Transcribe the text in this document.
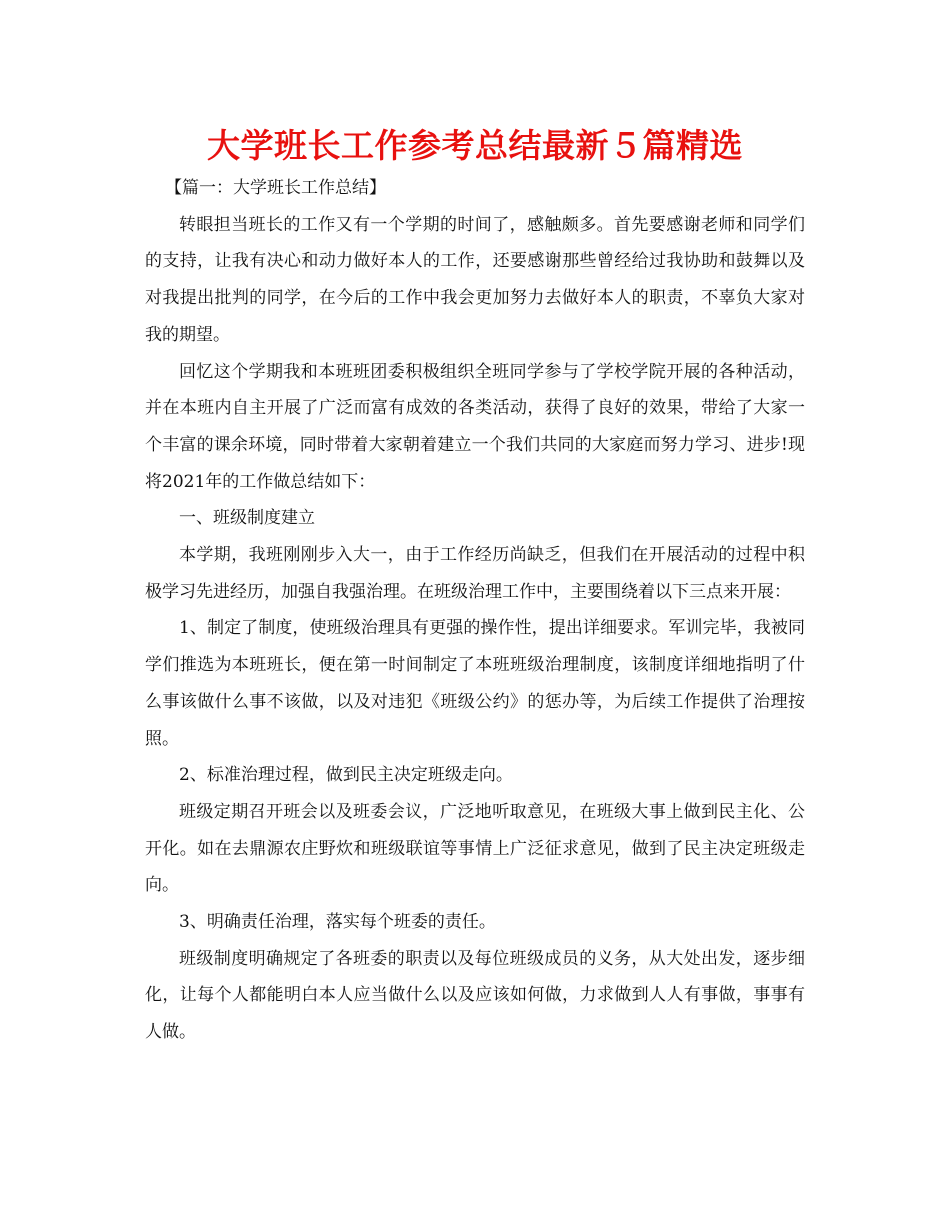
大学班长工作参考总结最新５篇精选

【篇一：大学班长工作总结】

转眼担当班长的工作又有一个学期的时间了，感触颇多。首先要感谢老师和同学们的支持，让我有决心和动力做好本人的工作，还要感谢那些曾经给过我协助和鼓舞以及对我提出批判的同学，在今后的工作中我会更加努力去做好本人的职责，不辜负大家对我的期望。

回忆这个学期我和本班班团委积极组织全班同学参与了学校学院开展的各种活动，并在本班内自主开展了广泛而富有成效的各类活动，获得了良好的效果，带给了大家一个丰富的课余环境，同时带着大家朝着建立一个我们共同的大家庭而努力学习、进步!现将2021年的工作做总结如下：

一、班级制度建立

本学期，我班刚刚步入大一，由于工作经历尚缺乏，但我们在开展活动的过程中积极学习先进经历，加强自我强治理。在班级治理工作中，主要围绕着以下三点来开展：

1、制定了制度，使班级治理具有更强的操作性，提出详细要求。军训完毕，我被同学们推选为本班班长，便在第一时间制定了本班班级治理制度，该制度详细地指明了什么事该做什么事不该做，以及对违犯《班级公约》的惩办等，为后续工作提供了治理按照。

2、标准治理过程，做到民主决定班级走向。

班级定期召开班会以及班委会议，广泛地听取意见，在班级大事上做到民主化、公开化。如在去鼎源农庄野炊和班级联谊等事情上广泛征求意见，做到了民主决定班级走向。

3、明确责任治理，落实每个班委的责任。

班级制度明确规定了各班委的职责以及每位班级成员的义务，从大处出发，逐步细化，让每个人都能明白本人应当做什么以及应该如何做，力求做到人人有事做，事事有人做。
